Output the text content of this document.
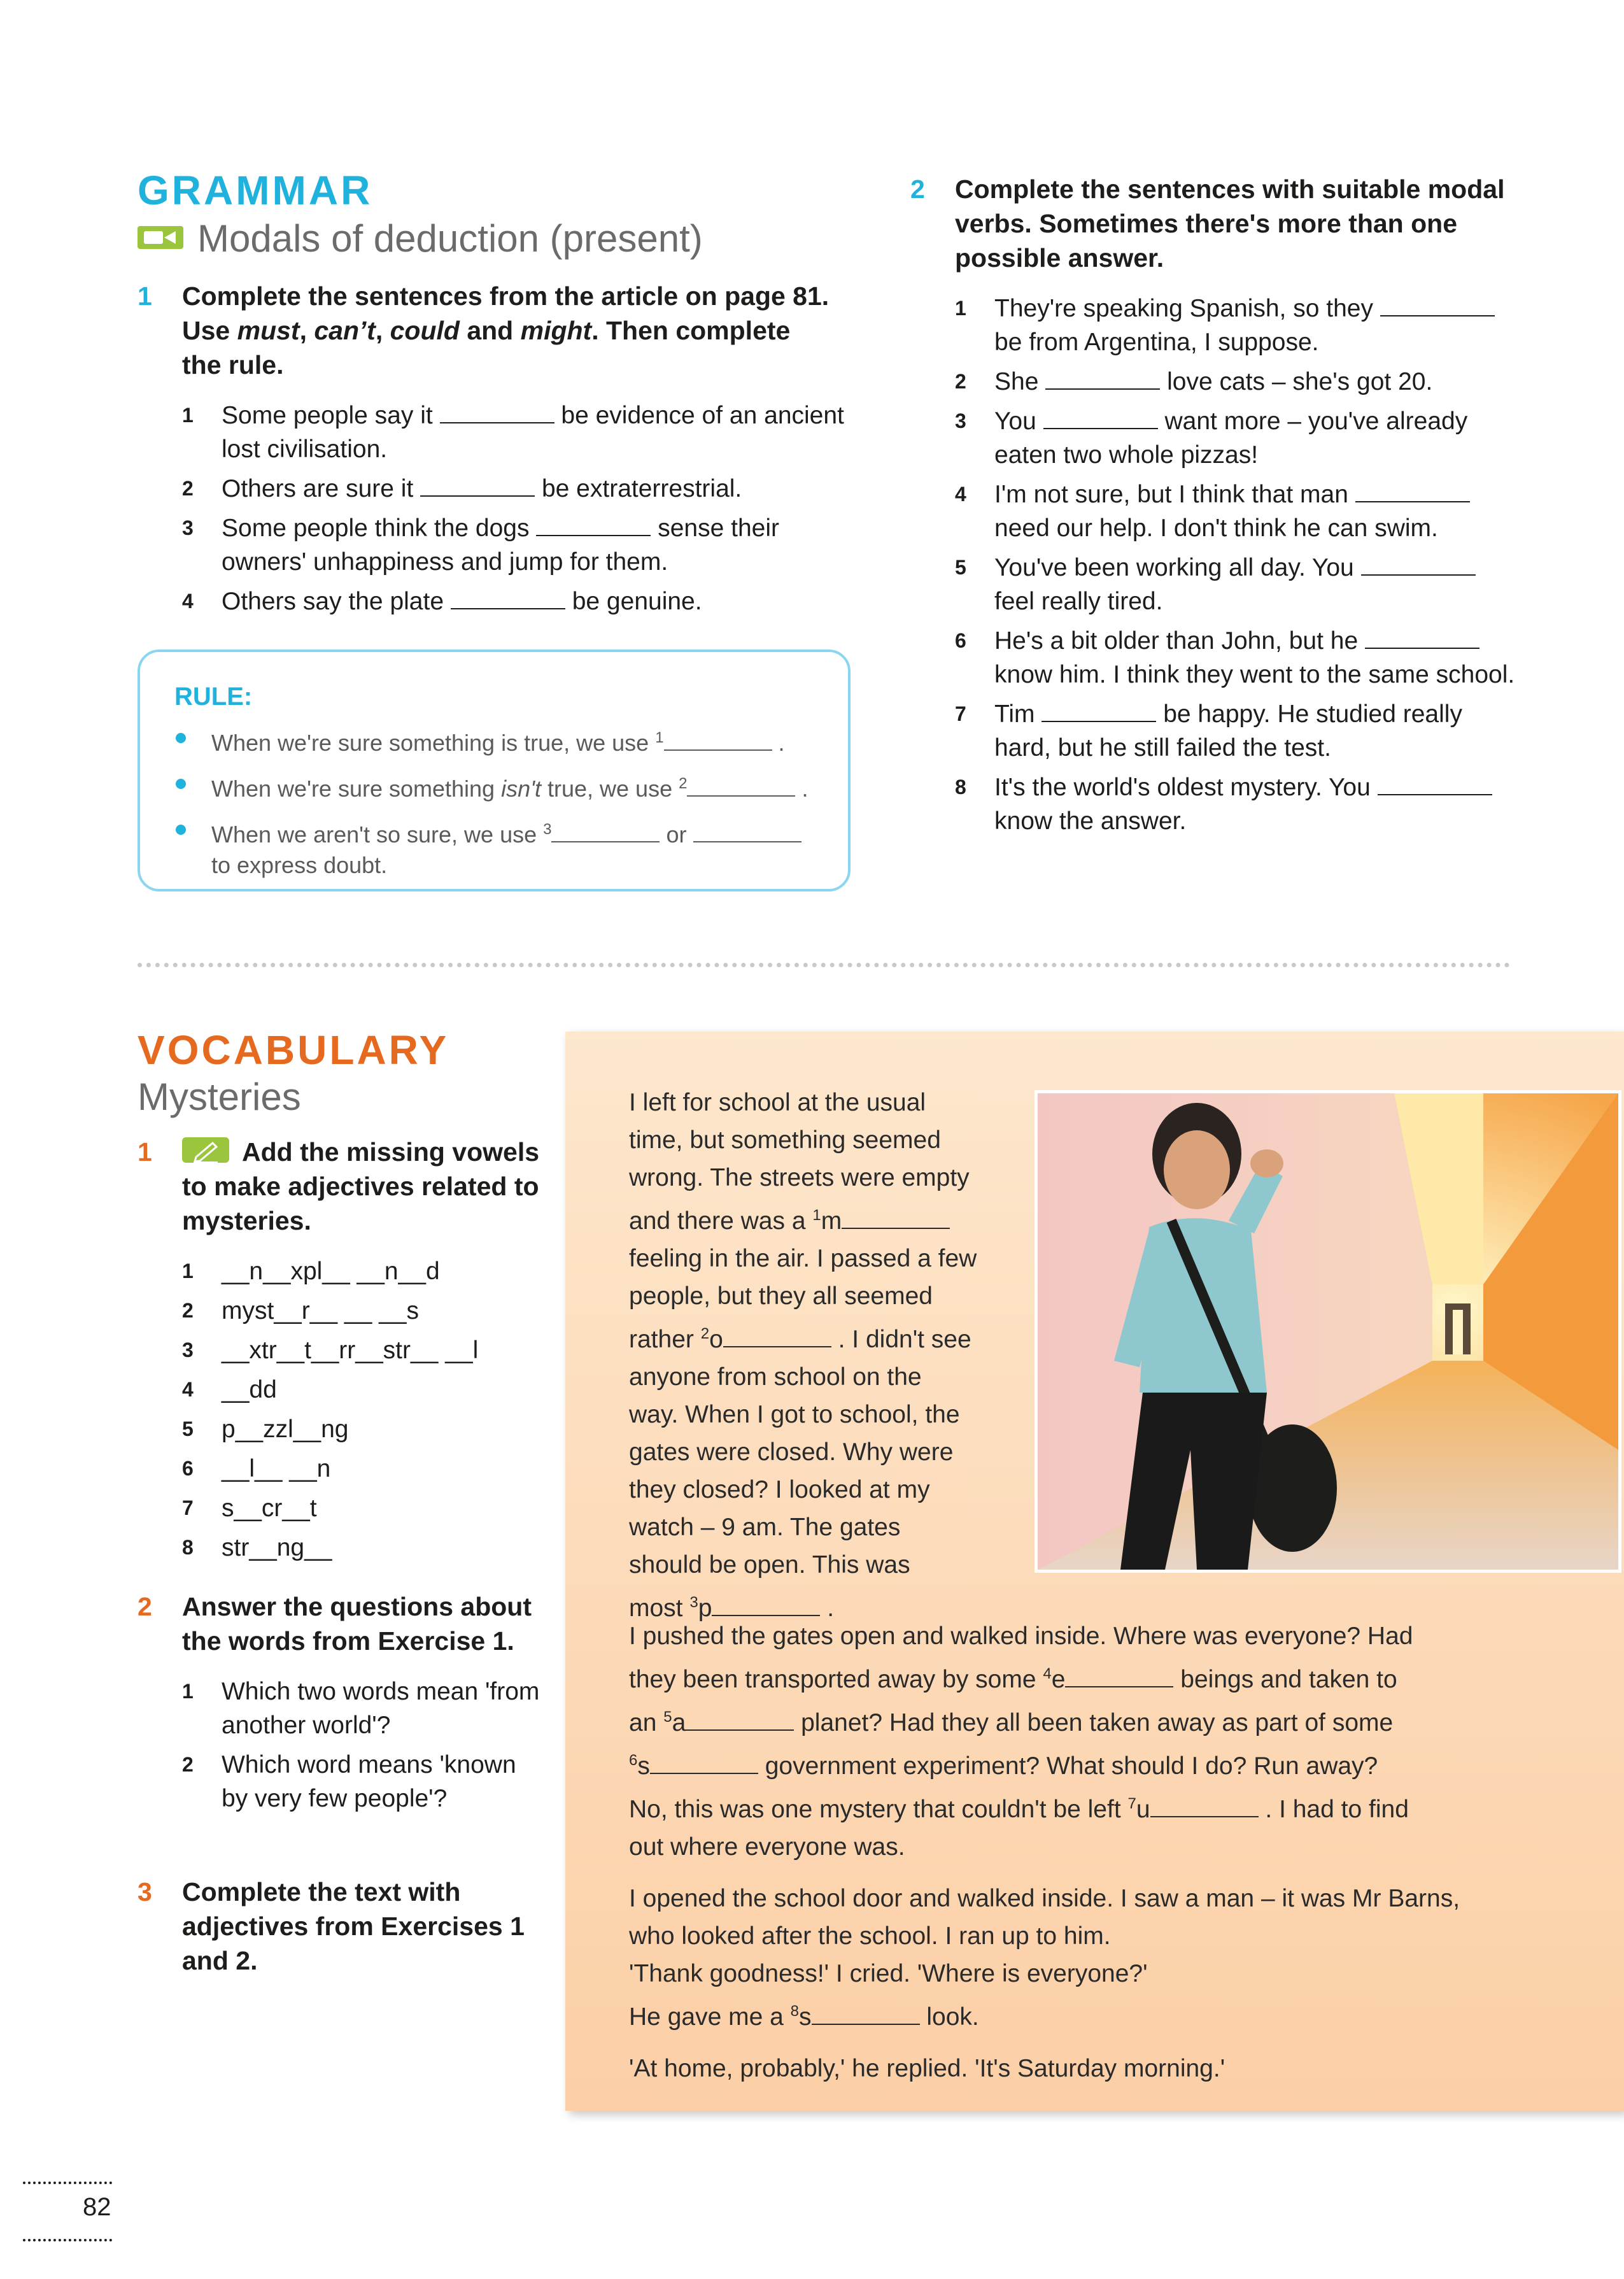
GRAMMAR
Modals of deduction (present)
1 Complete the sentences from the article on page 81.
Use must, can’t, could and might. Then complete
the rule.
1 Some people say it	be evidence of an ancient lost civilisation.
2 Others are sure it	be extraterrestrial.
3 Some people think the dogs	sense their owners' unhappiness and jump for them.
4 Others say the plate	be genuine.

RULE:

When we're sure something is true, we use $^1$	.
When we're sure something isn't true, we use $^2$	.
When we aren't so sure, we use $^3$	or  to express doubt.
2 Complete the sentences with suitable modal verbs. Sometimes there's more than one possible answer.
1 They're speaking Spanish, so they  be from Argentina, I suppose.
2 She	love cats – she's got 20.
3 You	want more – you've already eaten two whole pizzas!
4 I'm not sure, but I think that man  need our help. I don't think he can swim.
5 You've been working all day. You  feel really tired.
6 He's a bit older than John, but he  know him. I think they went to the same school.
7 Tim	be happy. He studied really hard, but he still failed the test.
8 It's the world's oldest mystery. You  know the answer.
VOCABULARY

Mysteries

1	Add the missing vowels to make adjectives related to mysteries.
1 __n__xpl__ __n__d
2 myst__r__ __ __s
3 __xtr__t__rr__str__ __l
4 __dd
5 p__zzl__ng
6 __l__ __n
7 s__cr__t
8 str__ng__
2 Answer the questions about the words from Exercise 1.
1 Which two words mean 'from another world'?
2 Which word means 'known by very few people'?
3 Complete the text with adjectives from Exercises 1 and 2.

I left for school at the usual

time, but something seemed

wrong. The streets were empty

and there was a $^1$m

feeling in the air. I passed a few

people, but they all seemed

rather $^2$o	. I didn't see

anyone from school on the

way. When I got to school, the

gates were closed. Why were

they closed? I looked at my

watch – 9 am. The gates

should be open. This was

most $^3$p	.

I pushed the gates open and walked inside. Where was everyone? Had

they been transported away by some $^4$e	beings and taken to

an $^5$a	planet? Had they all been taken away as part of some

$^6$s	government experiment? What should I do? Run away?

No, this was one mystery that couldn't be left $^7$u	. I had to find

out where everyone was.

I opened the school door and walked inside. I saw a man – it was Mr Barns,

who looked after the school. I ran up to him.

'Thank goodness!' I cried. 'Where is everyone?'

He gave me a $^8$s	look.

'At home, probably,' he replied. 'It's Saturday morning.'

82
